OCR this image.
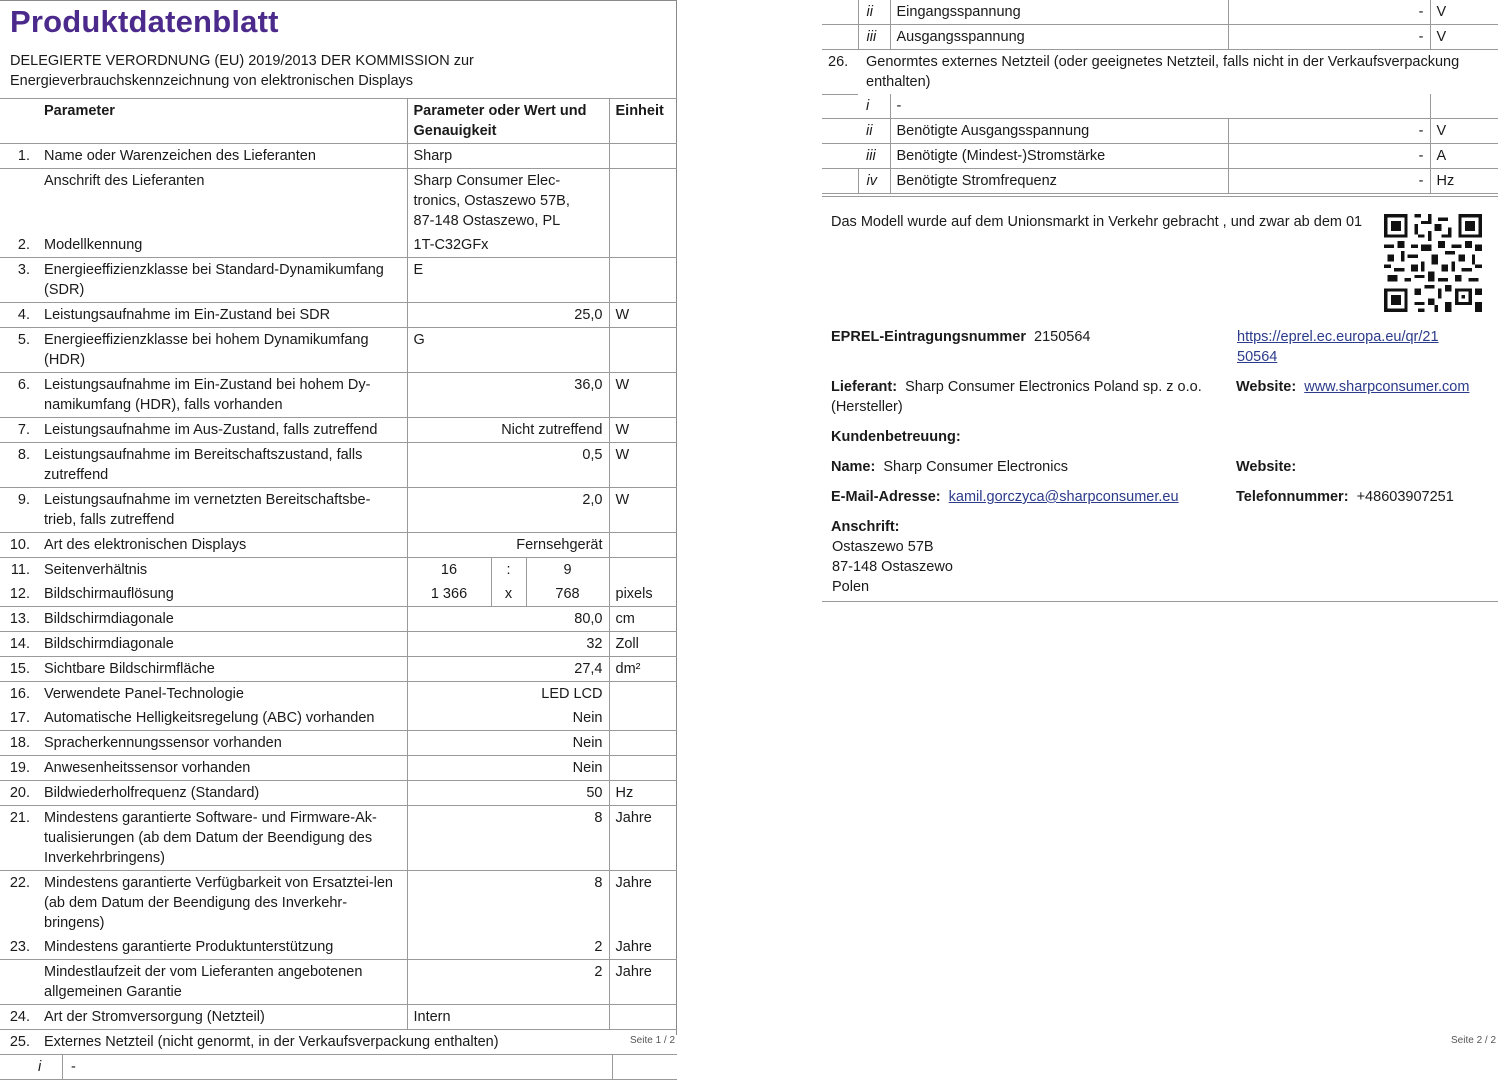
Produktdatenblatt
DELEGIERTE VERORDNUNG (EU) 2019/2013 DER KOMMISSION zur Energieverbrauchskennzeichnung von elektronischen Displays
	Parameter	Parameter oder Wert und Genauigkeit			Einheit
1.	Name oder Warenzeichen des Lieferanten	Sharp			
	Anschrift des Lieferanten	Sharp Consumer Elec-tronics, Ostaszewo 57B, 87-148 Ostaszewo, PL			
2.	Modellkennung	1T-C32GFx			
3.	Energieeffizienzklasse bei Standard-Dynamikumfang (SDR)	E			
4.	Leistungsaufnahme im Ein-Zustand bei SDR	25,0			W
5.	Energieeffizienzklasse bei hohem Dynamikumfang (HDR)	G			
6.	Leistungsaufnahme im Ein-Zustand bei hohem Dy-namikumfang (HDR), falls vorhanden	36,0			W
7.	Leistungsaufnahme im Aus-Zustand, falls zutreffend	Nicht zutreffend			W
8.	Leistungsaufnahme im Bereitschaftszustand, falls zutreffend	0,5			W
9.	Leistungsaufnahme im vernetzten Bereitschaftsbe-trieb, falls zutreffend	2,0			W
10.	Art des elektronischen Displays	Fernsehgerät			
11.	Seitenverhältnis	16	:	9	
12.	Bildschirmauflösung	1 366	x	768	pixels
13.	Bildschirmdiagonale	80,0			cm
14.	Bildschirmdiagonale	32			Zoll
15.	Sichtbare Bildschirmfläche	27,4			dm²
16.	Verwendete Panel-Technologie	LED LCD			
17.	Automatische Helligkeitsregelung (ABC) vorhanden	Nein			
18.	Spracherkennungssensor vorhanden	Nein			
19.	Anwesenheitssensor vorhanden	Nein			
20.	Bildwiederholfrequenz (Standard)	50			Hz
21.	Mindestens garantierte Software- und Firmware-Ak-tualisierungen (ab dem Datum der Beendigung des Inverkehrbringens)	8			Jahre
22.	Mindestens garantierte Verfügbarkeit von Ersatztei-len (ab dem Datum der Beendigung des Inverkehr-bringens)	8			Jahre
23.	Mindestens garantierte Produktunterstützung	2			Jahre
	Mindestlaufzeit der vom Lieferanten angebotenen allgemeinen Garantie	2			Jahre
24.	Art der Stromversorgung (Netzteil)	Intern			
25.	Externes Netzteil (nicht genormt, in der Verkaufsverpackung enthalten)				

	i -				
Seite 1 / 2
	ii	Eingangsspannung	-	V
	iii	Ausgangsspannung	-	V
26.	Genormtes externes Netzteil (oder geeignetes Netzteil, falls nicht in der Verkaufsverpackung enthalten)			
	i	-		
	ii	Benötigte Ausgangsspannung	-	V
	iii	Benötigte (Mindest-)Stromstärke	-	A
	iv	Benötigte Stromfrequenz	-	Hz
Das Modell wurde auf dem Unionsmarkt in Verkehr gebracht , und zwar ab dem 01
EPREL-Eintragungsnummer 2150564	https://eprel.ec.europa.eu/qr/21
50564
Lieferant: Sharp Consumer Electronics Poland sp. z o.o.
(Hersteller)
Website: www.sharpconsumer.com
Kundenbetreuung:
Name: Sharp Consumer Electronics	Website:
E-Mail-Adresse: kamil.gorczyca@sharpconsumer.eu	Telefonnummer: +48603907251
Anschrift:
Ostaszewo 57B
87-148 Ostaszewo
Polen
Seite 2 / 2
